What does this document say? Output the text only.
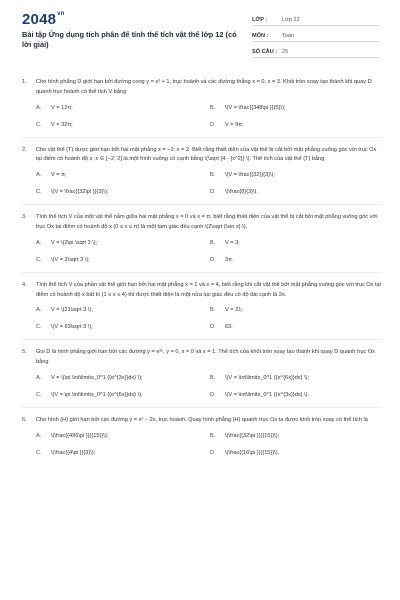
$2048^{vn}$
Bài tập Ứng dụng tích phân để tính thể tích vật thể lớp 12 (có lời giải)
LỚP :	Lớp 12
MÔN :	Toán
SỐ CÂU : 25
1.	Cho hình phẳng D giới hạn bởi đường cong y = x² + 1, trục hoành và các đường thẳng x = 0, x = 3. Khối tròn xoay tạo thành khi quay D quanh trục hoành có thể tích V bằng
A.	V = 12π;	B.	\(V = \frac{{348\pi }}{5}\);
C.	V = 32π;	D.	V = 9π.
2.	Cho vật thể (T) được giới hạn bởi hai mặt phẳng x = −2; x = 2. Biết rằng thiết diện của vật thể bị cắt bởi mặt phẳng vuông góc với trục Ox tại điểm có hoành độ x, x ∈ [−2; 2] là một hình vuông có cạnh bằng \(\sqrt {4 - {x^2}} \). Thể tích của vật thể (T) bằng
A.	V = π;	B.	\(V = \frac{{32}}{3}\);
C.	\(V = \frac{{32\pi }}{3}\);	D.	\(\frac{8}{3}\).
3.	Tính thể tích V của một vật thể nằm giữa hai mặt phẳng x = 0 và x = π, biết rằng thiết diện của vật thể bị cắt bởi mặt phẳng vuông góc với trục Ox tại điểm có hoành độ x (0 ≤ x ≤ π) là một tam giác đều cạnh \(2\sqrt {\sin x} \).
A.	V = \(2\pi \sqrt 3 \);	B.	V = 3;
C.	\(V = 2\sqrt 3 \);	D.	3π.
4.	Tính thể tích V của phần vật thể giới hạn bởi hai mặt phẳng x = 1 và x = 4, biết rằng khi cắt vật thể bởi mặt phẳng vuông góc với trục Ox tại điểm có hoành độ x bất kì (1 ≤ x ≤ 4) thì được thiết diện là một nửa lục giác đều có độ dài cạnh là 2x.
A.	V = \(21\sqrt 3 \);	B.	V = 21;
C.	\(V = 63\sqrt 3 \);	D.	63.
5.	Gọi D là hình phẳng giới hạn bởi các đường y = e³ˣ, y = 0, x = 0 và x = 1. Thể tích của khối tròn xoay tạo thành khi quay D quanh trục Ox bằng
A.	V = \(\pi \int\limits_0^1 {{e^{3x}}dx} \);	B.	\(V = \int\limits_0^1 {{e^{6x}}dx} \);
C.	\(V = \pi \int\limits_0^1 {{e^{6x}}dx} \);	D.	\(V = \int\limits_0^1 {{e^{3x}}dx} \).
6.	Cho hình (H) giới hạn bởi các đường y = x² − 2x, trục hoành. Quay hình phẳng (H) quanh trục Ox ta được khối tròn xoay có thể tích là
A.	\(\frac{{496\pi }}{{15}}\);	B.	\(\frac{{32\pi }}{{15}}\);
C.	\(\frac{{4\pi }}{3}\);	D.	\(\frac{{16\pi }}{{15}}\).
